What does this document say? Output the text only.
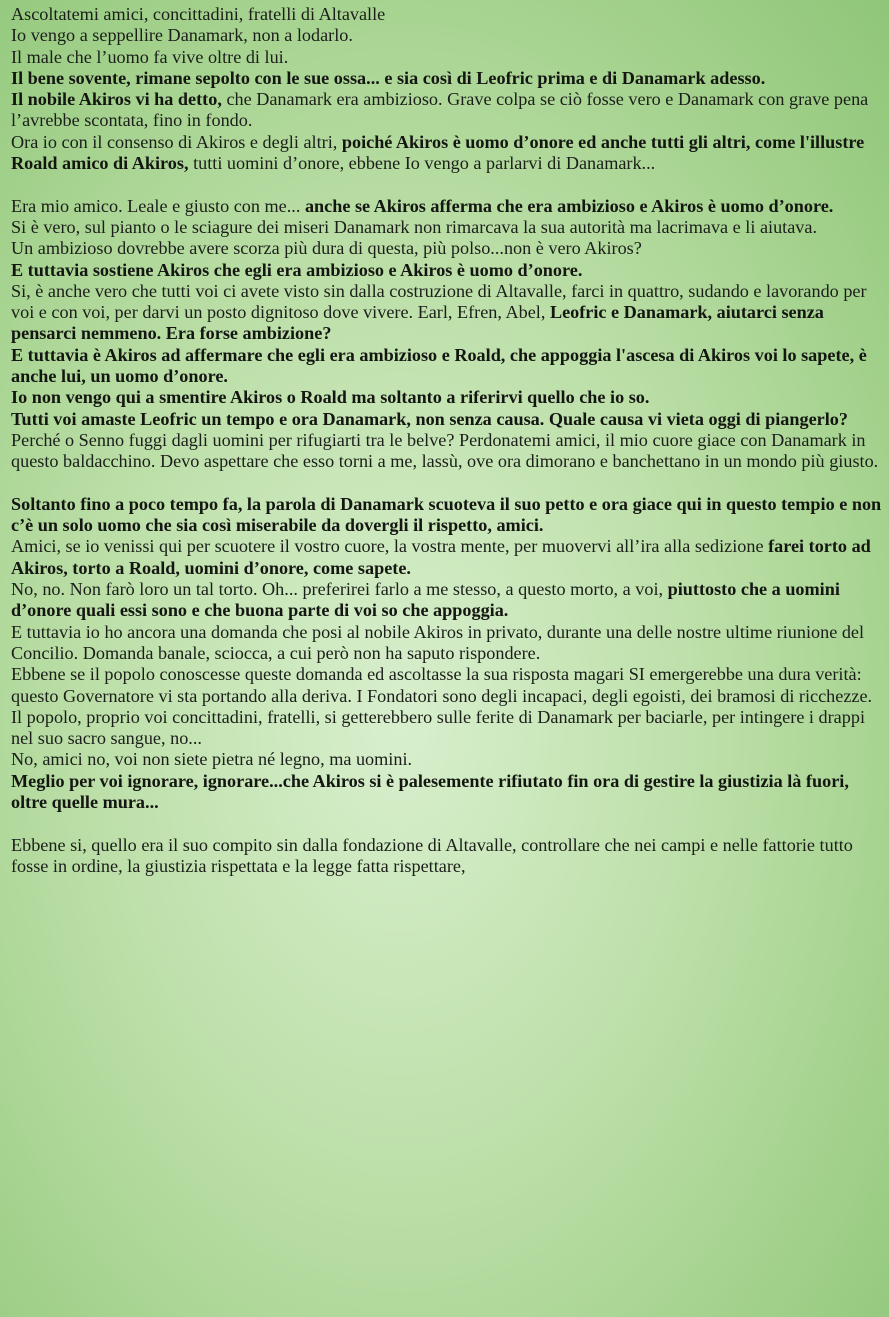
Ascoltatemi amici, concittadini, fratelli di Altavalle

Io vengo a seppellire Danamark, non a lodarlo.

Il male che l’uomo fa vive oltre di lui.

Il bene sovente, rimane sepolto con le sue ossa... e sia così di Leofric prima e di Danamark adesso.

Il nobile Akiros vi ha detto, che Danamark era ambizioso. Grave colpa se ciò fosse vero e Danamark con grave pena l’avrebbe scontata, fino in fondo.

Ora io con il consenso di Akiros e degli altri, poiché Akiros è uomo d’onore ed anche tutti gli altri, come l'illustre Roald amico di Akiros, tutti uomini d’onore, ebbene Io vengo a parlarvi di Danamark...

Era mio amico. Leale e giusto con me... anche se Akiros afferma che era ambizioso e Akiros è uomo d’onore.

Si è vero, sul pianto o le sciagure dei miseri Danamark non rimarcava la sua autorità ma lacrimava e li aiutava.

Un ambizioso dovrebbe avere scorza più dura di questa, più polso...non è vero Akiros?

E tuttavia sostiene Akiros che egli era ambizioso e Akiros è uomo d’onore.

Si, è anche vero che tutti voi ci avete visto sin dalla costruzione di Altavalle, farci in quattro, sudando e lavorando per voi e con voi, per darvi un posto dignitoso dove vivere. Earl, Efren, Abel, Leofric e Danamark, aiutarci senza pensarci nemmeno. Era forse ambizione?

E tuttavia è Akiros ad affermare che egli era ambizioso e Roald, che appoggia l'ascesa di Akiros voi lo sapete, è anche lui, un uomo d’onore.

Io non vengo qui a smentire Akiros o Roald ma soltanto a riferirvi quello che io so.

Tutti voi amaste Leofric un tempo e ora Danamark, non senza causa. Quale causa vi vieta oggi di piangerlo? Perché o Senno fuggi dagli uomini per rifugiarti tra le belve? Perdonatemi amici, il mio cuore giace con Danamark in questo baldacchino. Devo aspettare che esso torni a me, lassù, ove ora dimorano e banchettano in un mondo più giusto.

Soltanto fino a poco tempo fa, la parola di Danamark scuoteva il suo petto e ora giace qui in questo tempio e non c’è un solo uomo che sia così miserabile da dovergli il rispetto, amici.

Amici, se io venissi qui per scuotere il vostro cuore, la vostra mente, per muovervi all’ira alla sedizione farei torto ad Akiros, torto a Roald, uomini d’onore, come sapete.

No, no. Non farò loro un tal torto. Oh... preferirei farlo a me stesso, a questo morto, a voi, piuttosto che a uomini d’onore quali essi sono e che buona parte di voi so che appoggia.

E tuttavia io ho ancora una domanda che posi al nobile Akiros in privato, durante una delle nostre ultime riunione del Concilio. Domanda banale, sciocca, a cui però non ha saputo rispondere.

Ebbene se il popolo conoscesse queste domanda ed ascoltasse la sua risposta magari SI emergerebbe una dura verità: questo Governatore vi sta portando alla deriva. I Fondatori sono degli incapaci, degli egoisti, dei bramosi di ricchezze.

Il popolo, proprio voi concittadini, fratelli, si getterebbero sulle ferite di Danamark per baciarle, per intingere i drappi nel suo sacro sangue, no...

No, amici no, voi non siete pietra né legno, ma uomini.

Meglio per voi ignorare, ignorare...che Akiros si è palesemente rifiutato fin ora di gestire la giustizia là fuori, oltre quelle mura...

Ebbene si, quello era il suo compito sin dalla fondazione di Altavalle, controllare che nei campi e nelle fattorie tutto fosse in ordine, la giustizia rispettata e la legge fatta rispettare,
